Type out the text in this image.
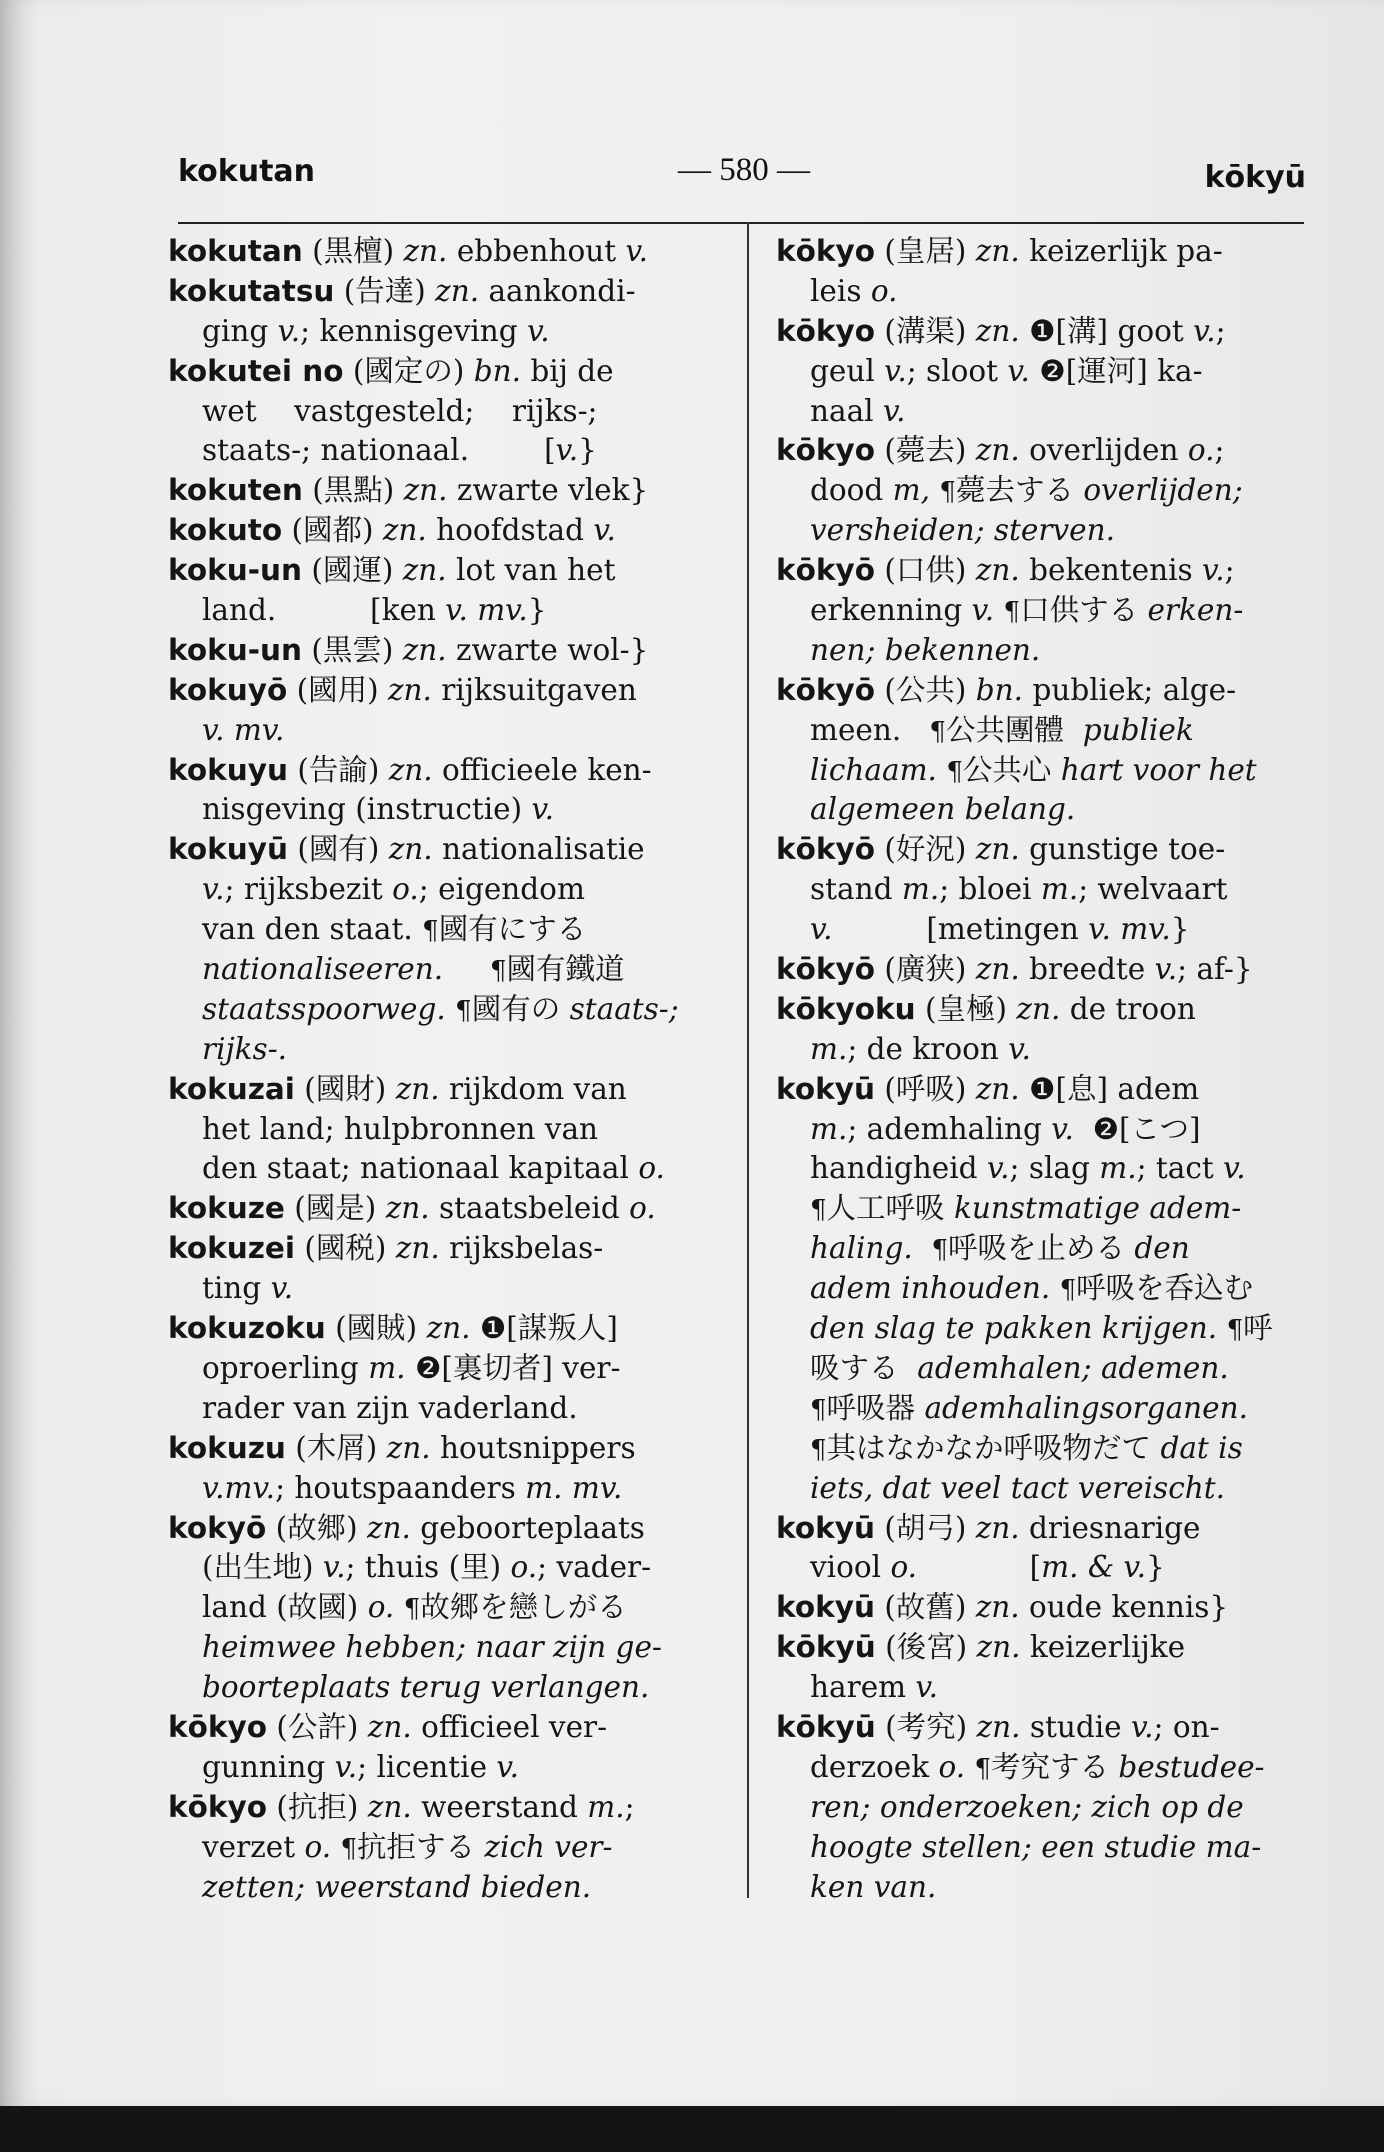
kokutan	— 580 —	kōkyū
kokutan (黒檀) zn. ebbenhout v.
kokutatsu (告達) zn. aankondi-
ging v.; kennisgeving v.
kokutei no (國定の) bn. bij de
wet    vastgesteld;    rijks-;
staats-; nationaal.        [v.}
kokuten (黒點) zn. zwarte vlek}
kokuto (國都) zn. hoofdstad v.
koku-un (國運) zn. lot van het
land.          [ken v. mv.}
koku-un (黒雲) zn. zwarte wol-}
kokuyō (國用) zn. rijksuitgaven
v. mv.
kokuyu (告諭) zn. officieele ken-
nisgeving (instructie) v.
kokuyū (國有) zn. nationalisatie
v.; rijksbezit o.; eigendom
van den staat. ¶國有にする
nationaliseeren. ¶國有鐵道
staatsspoorweg. ¶國有の staats-;
rijks-.
kokuzai (國財) zn. rijkdom van
het land; hulpbronnen van
den staat; nationaal kapitaal o.
kokuze (國是) zn. staatsbeleid o.
kokuzei (國税) zn. rijksbelas-
ting v.
kokuzoku (國賊) zn. ❶[謀叛人]
oproerling m. ❷[裏切者] ver-
rader van zijn vaderland.
kokuzu (木屑) zn. houtsnippers
v.mv.; houtspaanders m. mv.
kokyō (故郷) zn. geboorteplaats
(出生地) v.; thuis (里) o.; vader-
land (故國) o. ¶故郷を戀しがる
heimwee hebben; naar zijn ge-
boorteplaats terug verlangen.
kōkyo (公許) zn. officieel ver-
gunning v.; licentie v.
kōkyo (抗拒) zn. weerstand m.;
verzet o. ¶抗拒する zich ver-
zetten; weerstand bieden.
kōkyo (皇居) zn. keizerlijk pa-
leis o.
kōkyo (溝渠) zn. ❶[溝] goot v.;
geul v.; sloot v. ❷[運河] ka-
naal v.
kōkyo (薨去) zn. overlijden o.;
dood m, ¶薨去する overlijden;
versheiden; sterven.
kōkyō (口供) zn. bekentenis v.;
erkenning v. ¶口供する erken-
nen; bekennen.
kōkyō (公共) bn. publiek; alge-
meen.   ¶公共團體  publiek
lichaam. ¶公共心 hart voor het
algemeen belang.
kōkyō (好況) zn. gunstige toe-
stand m.; bloei m.; welvaart
v.          [metingen v. mv.}
kōkyō (廣狭) zn. breedte v.; af-}
kōkyoku (皇極) zn. de troon
m.; de kroon v.
kokyū (呼吸) zn. ❶[息] adem
m.; ademhaling v.  ❷[こつ]
handigheid v.; slag m.; tact v.
¶人工呼吸 kunstmatige adem-
haling. ¶呼吸を止める den
adem inhouden. ¶呼吸を呑込む
den slag te pakken krijgen. ¶呼
吸する  ademhalen; ademen.
¶呼吸器 ademhalingsorganen.
¶其はなかなか呼吸物だて dat is
iets, dat veel tact vereischt.
kokyū (胡弓) zn. driesnarige
viool o.            [m. & v.}
kokyū (故舊) zn. oude kennis}
kōkyū (後宮) zn. keizerlijke
harem v.
kōkyū (考究) zn. studie v.; on-
derzoek o. ¶考究する bestudee-
ren; onderzoeken; zich op de
hoogte stellen; een studie ma-
ken van.
